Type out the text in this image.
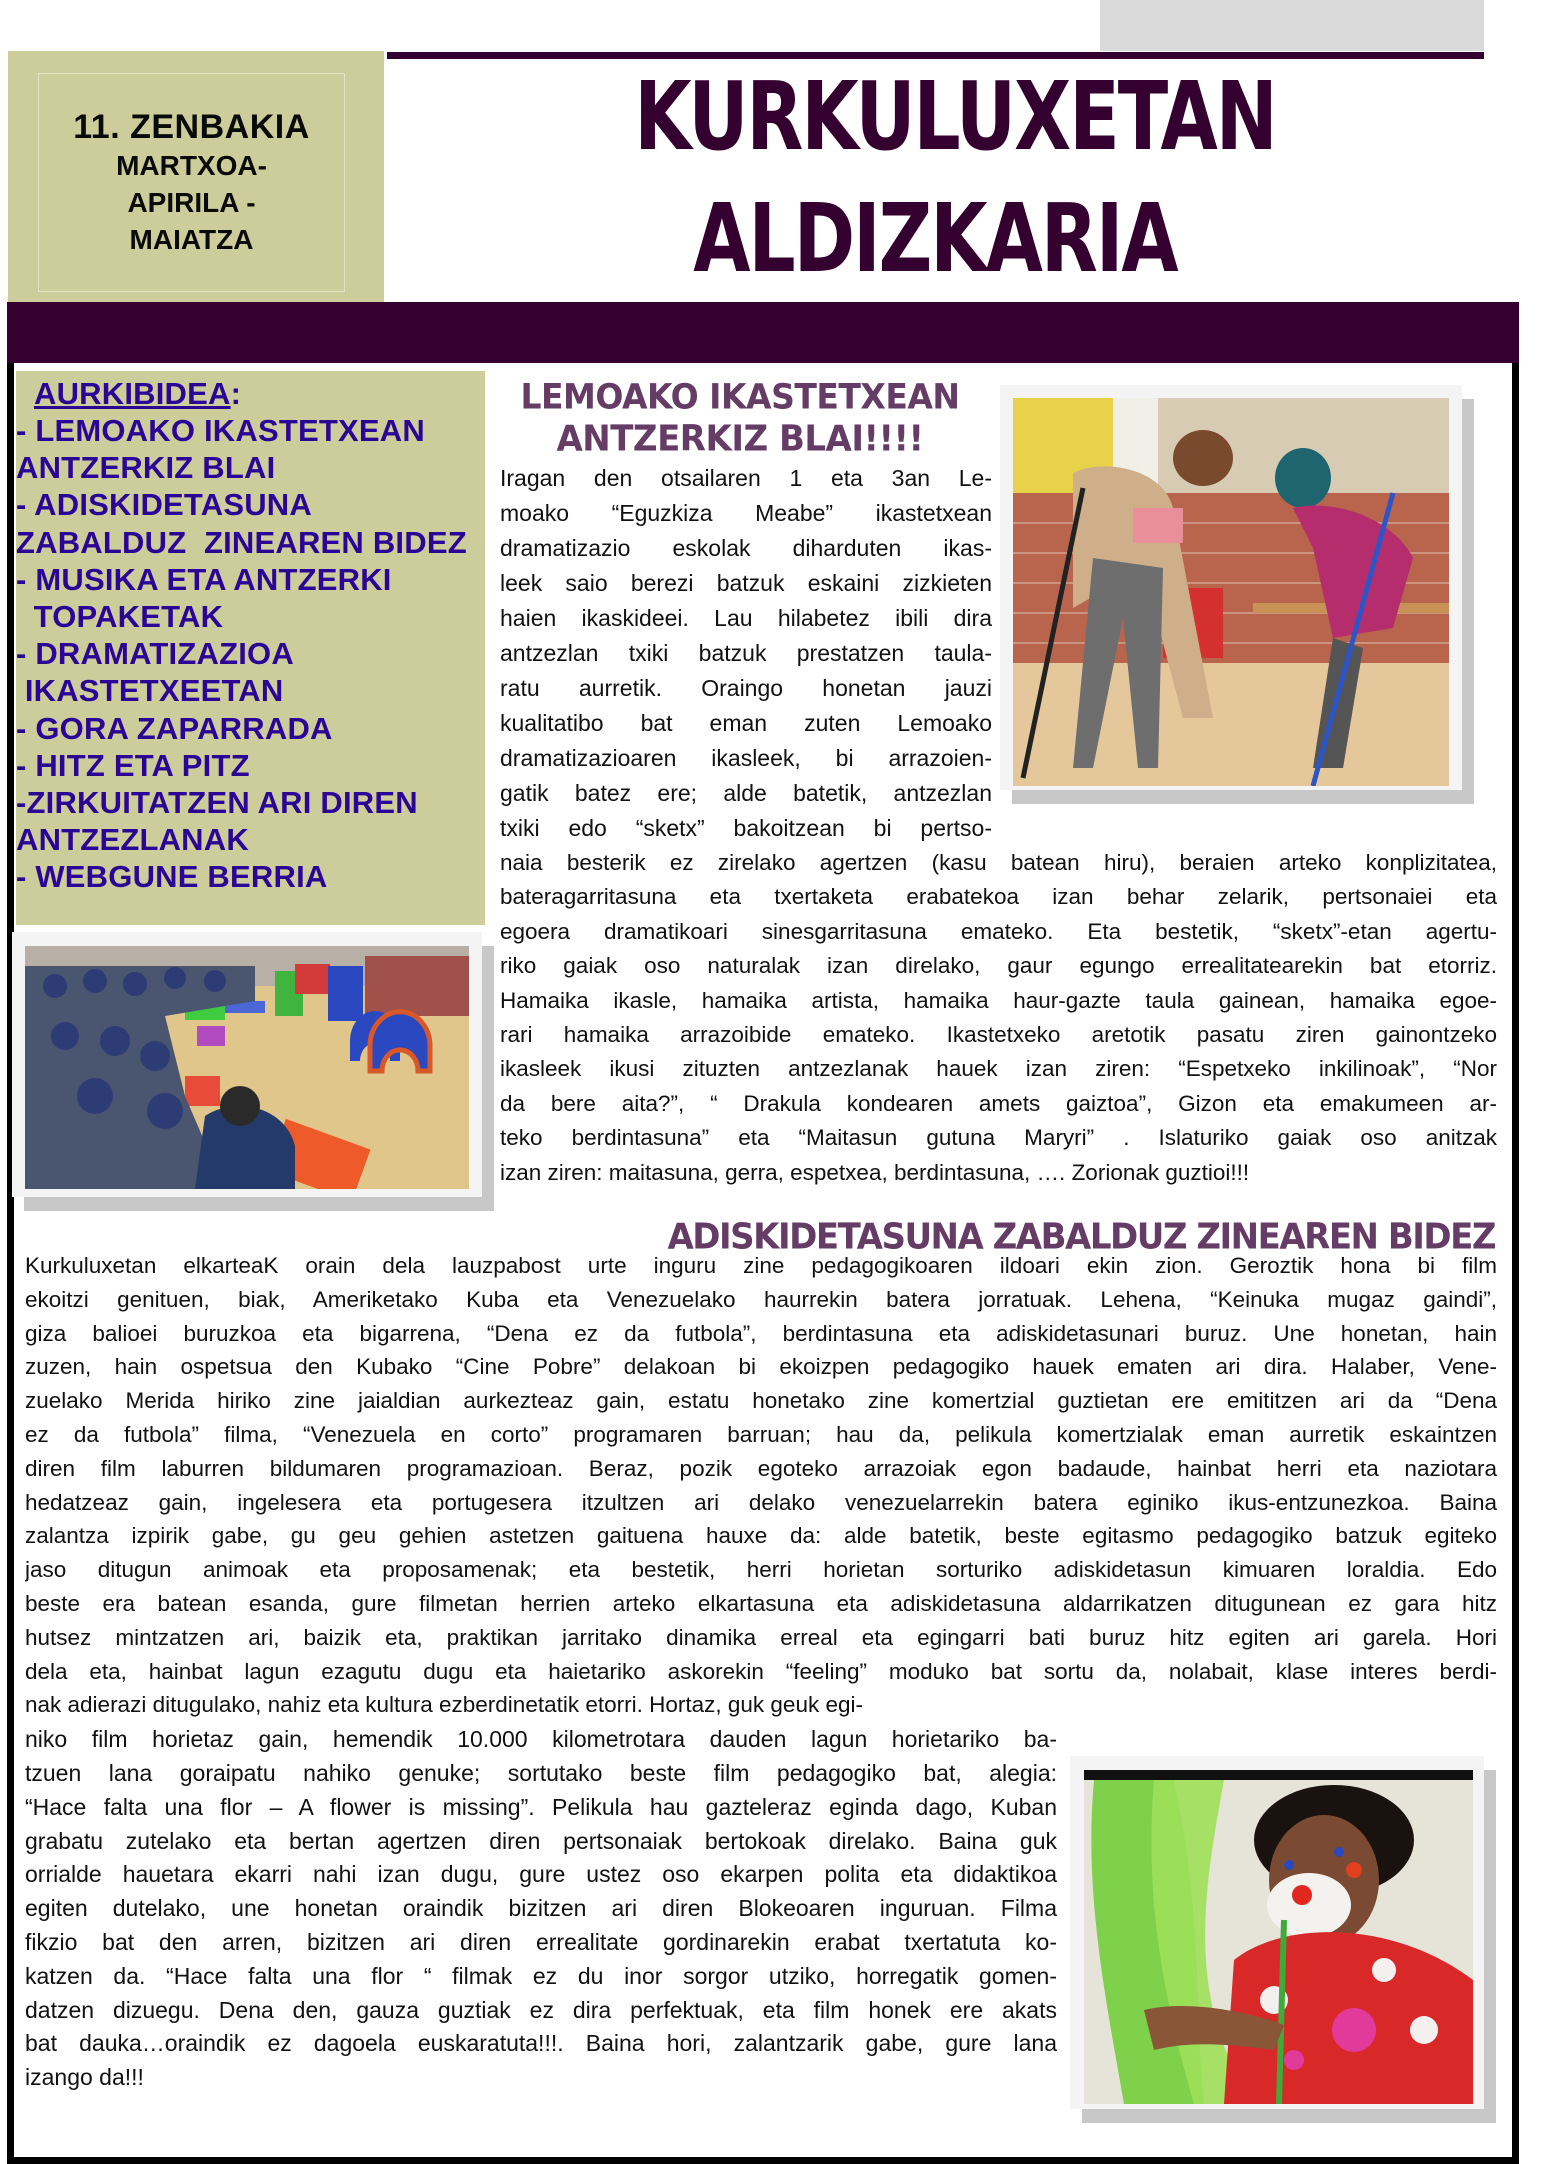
11. ZENBAKIA
MARTXOA-
APIRILA -
MAIATZA
KURKULUXETAN
ALDIZKARIA
AURKIBIDEA:
- LEMOAKO IKASTETXEAN
ANTZERKIZ BLAI
- ADISKIDETASUNA
ZABALDUZ  ZINEAREN BIDEZ
- MUSIKA ETA ANTZERKI
TOPAKETAK
- DRAMATIZAZIOA
IKASTETXEETAN
- GORA ZAPARRADA
- HITZ ETA PITZ
-ZIRKUITATZEN ARI DIREN
ANTZEZLANAK
- WEBGUNE BERRIA
LEMOAKO IKASTETXEAN
ANTZERKIZ BLAI!!!!
Iragan den otsailaren 1 eta 3an Le-
moako “Eguzkiza Meabe” ikastetxean
dramatizazio eskolak diharduten ikas-
leek saio berezi batzuk eskaini zizkieten
haien ikaskideei. Lau hilabetez ibili dira
antzezlan txiki batzuk prestatzen taula-
ratu aurretik. Oraingo honetan jauzi
kualitatibo bat eman zuten Lemoako
dramatizazioaren ikasleek, bi arrazoien-
gatik batez ere; alde batetik, antzezlan
txiki edo “sketx” bakoitzean bi pertso-
naia besterik ez zirelako agertzen (kasu batean hiru), beraien arteko konplizitatea,
bateragarritasuna eta txertaketa erabatekoa izan behar zelarik, pertsonaiei eta
egoera dramatikoari sinesgarritasuna emateko. Eta bestetik, “sketx”-etan agertu-
riko gaiak oso naturalak izan direlako, gaur egungo errealitatearekin bat etorriz.
Hamaika ikasle, hamaika artista, hamaika haur-gazte taula gainean, hamaika egoe-
rari hamaika arrazoibide emateko. Ikastetxeko aretotik pasatu ziren gainontzeko
ikasleek ikusi zituzten antzezlanak hauek izan ziren: “Espetxeko inkilinoak”, “Nor
da bere aita?”, “ Drakula kondearen amets gaiztoa”, Gizon eta emakumeen ar-
teko berdintasuna” eta “Maitasun gutuna Maryri” . Islaturiko gaiak oso anitzak
izan ziren: maitasuna, gerra, espetxea, berdintasuna, …. Zorionak guztioi!!!
ADISKIDETASUNA ZABALDUZ ZINEAREN BIDEZ
Kurkuluxetan elkarteaK orain dela lauzpabost urte inguru zine pedagogikoaren ildoari ekin zion. Geroztik hona bi film
ekoitzi genituen, biak, Ameriketako Kuba eta Venezuelako haurrekin batera jorratuak. Lehena, “Keinuka mugaz gaindi”,
giza balioei buruzkoa eta bigarrena, “Dena ez da futbola”, berdintasuna eta adiskidetasunari buruz. Une honetan, hain
zuzen, hain ospetsua den Kubako “Cine Pobre” delakoan bi ekoizpen pedagogiko hauek ematen ari dira. Halaber, Vene-
zuelako Merida hiriko zine jaialdian aurkezteaz gain, estatu honetako zine komertzial guztietan ere emititzen ari da “Dena
ez da futbola” filma, “Venezuela en corto” programaren barruan; hau da, pelikula komertzialak eman aurretik eskaintzen
diren film laburren bildumaren programazioan. Beraz, pozik egoteko arrazoiak egon badaude, hainbat herri eta naziotara
hedatzeaz gain, ingelesera eta portugesera itzultzen ari delako venezuelarrekin batera eginiko ikus-entzunezkoa. Baina
zalantza izpirik gabe, gu geu gehien astetzen gaituena hauxe da: alde batetik, beste egitasmo pedagogiko batzuk egiteko
jaso ditugun animoak eta proposamenak; eta bestetik, herri horietan sorturiko adiskidetasun kimuaren loraldia. Edo
beste era batean esanda, gure filmetan herrien arteko elkartasuna eta adiskidetasuna aldarrikatzen ditugunean ez gara hitz
hutsez mintzatzen ari, baizik eta, praktikan jarritako dinamika erreal eta egingarri bati buruz hitz egiten ari garela. Hori
dela eta, hainbat lagun ezagutu dugu eta haietariko askorekin “feeling” moduko bat sortu da, nolabait, klase interes berdi-
nak adierazi ditugulako, nahiz eta kultura ezberdinetatik etorri. Hortaz, guk geuk egi-
niko film horietaz gain, hemendik 10.000 kilometrotara dauden lagun horietariko ba-
tzuen lana goraipatu nahiko genuke; sortutako beste film pedagogiko bat, alegia:
“Hace falta una flor – A flower is missing”. Pelikula hau gazteleraz eginda dago, Kuban
grabatu zutelako eta bertan agertzen diren pertsonaiak bertokoak direlako. Baina guk
orrialde hauetara ekarri nahi izan dugu, gure ustez oso ekarpen polita eta didaktikoa
egiten dutelako, une honetan oraindik bizitzen ari diren Blokeoaren inguruan. Filma
fikzio bat den arren, bizitzen ari diren errealitate gordinarekin erabat txertatuta ko-
katzen da. “Hace falta una flor “ filmak ez du inor sorgor utziko, horregatik gomen-
datzen dizuegu. Dena den, gauza guztiak ez dira perfektuak, eta film honek ere akats
bat dauka…oraindik ez dagoela euskaratuta!!!. Baina hori, zalantzarik gabe, gure lana
izango da!!!
